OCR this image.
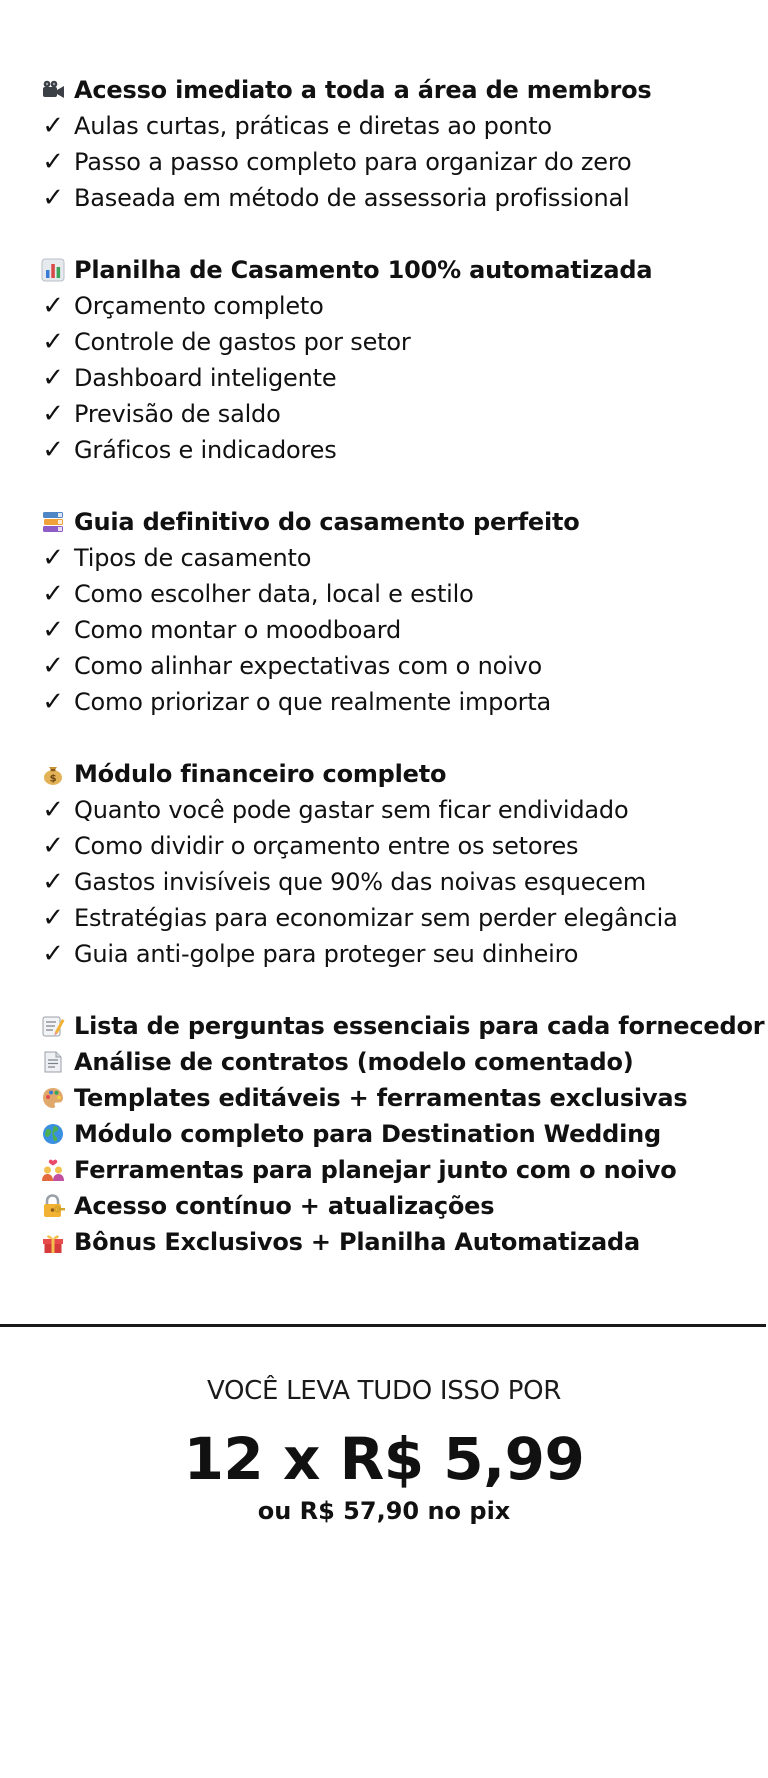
Acesso imediato a toda a área de membros
✓ Aulas curtas, práticas e diretas ao ponto
✓ Passo a passo completo para organizar do zero
✓ Baseada em método de assessoria profissional
Planilha de Casamento 100% automatizada
✓ Orçamento completo
✓ Controle de gastos por setor
✓ Dashboard inteligente
✓ Previsão de saldo
✓ Gráficos e indicadores
Guia definitivo do casamento perfeito
✓ Tipos de casamento
✓ Como escolher data, local e estilo
✓ Como montar o moodboard
✓ Como alinhar expectativas com o noivo
✓ Como priorizar o que realmente importa
$ Módulo financeiro completo
✓ Quanto você pode gastar sem ficar endividado
✓ Como dividir o orçamento entre os setores
✓ Gastos invisíveis que 90% das noivas esquecem
✓ Estratégias para economizar sem perder elegância
✓ Guia anti-golpe para proteger seu dinheiro
Lista de perguntas essenciais para cada fornecedor
Análise de contratos (modelo comentado)
Templates editáveis + ferramentas exclusivas
Módulo completo para Destination Wedding
Ferramentas para planejar junto com o noivo
Acesso contínuo + atualizações
Bônus Exclusivos + Planilha Automatizada
VOCÊ LEVA TUDO ISSO POR
12 x R$ 5,99
ou R$ 57,90 no pix
